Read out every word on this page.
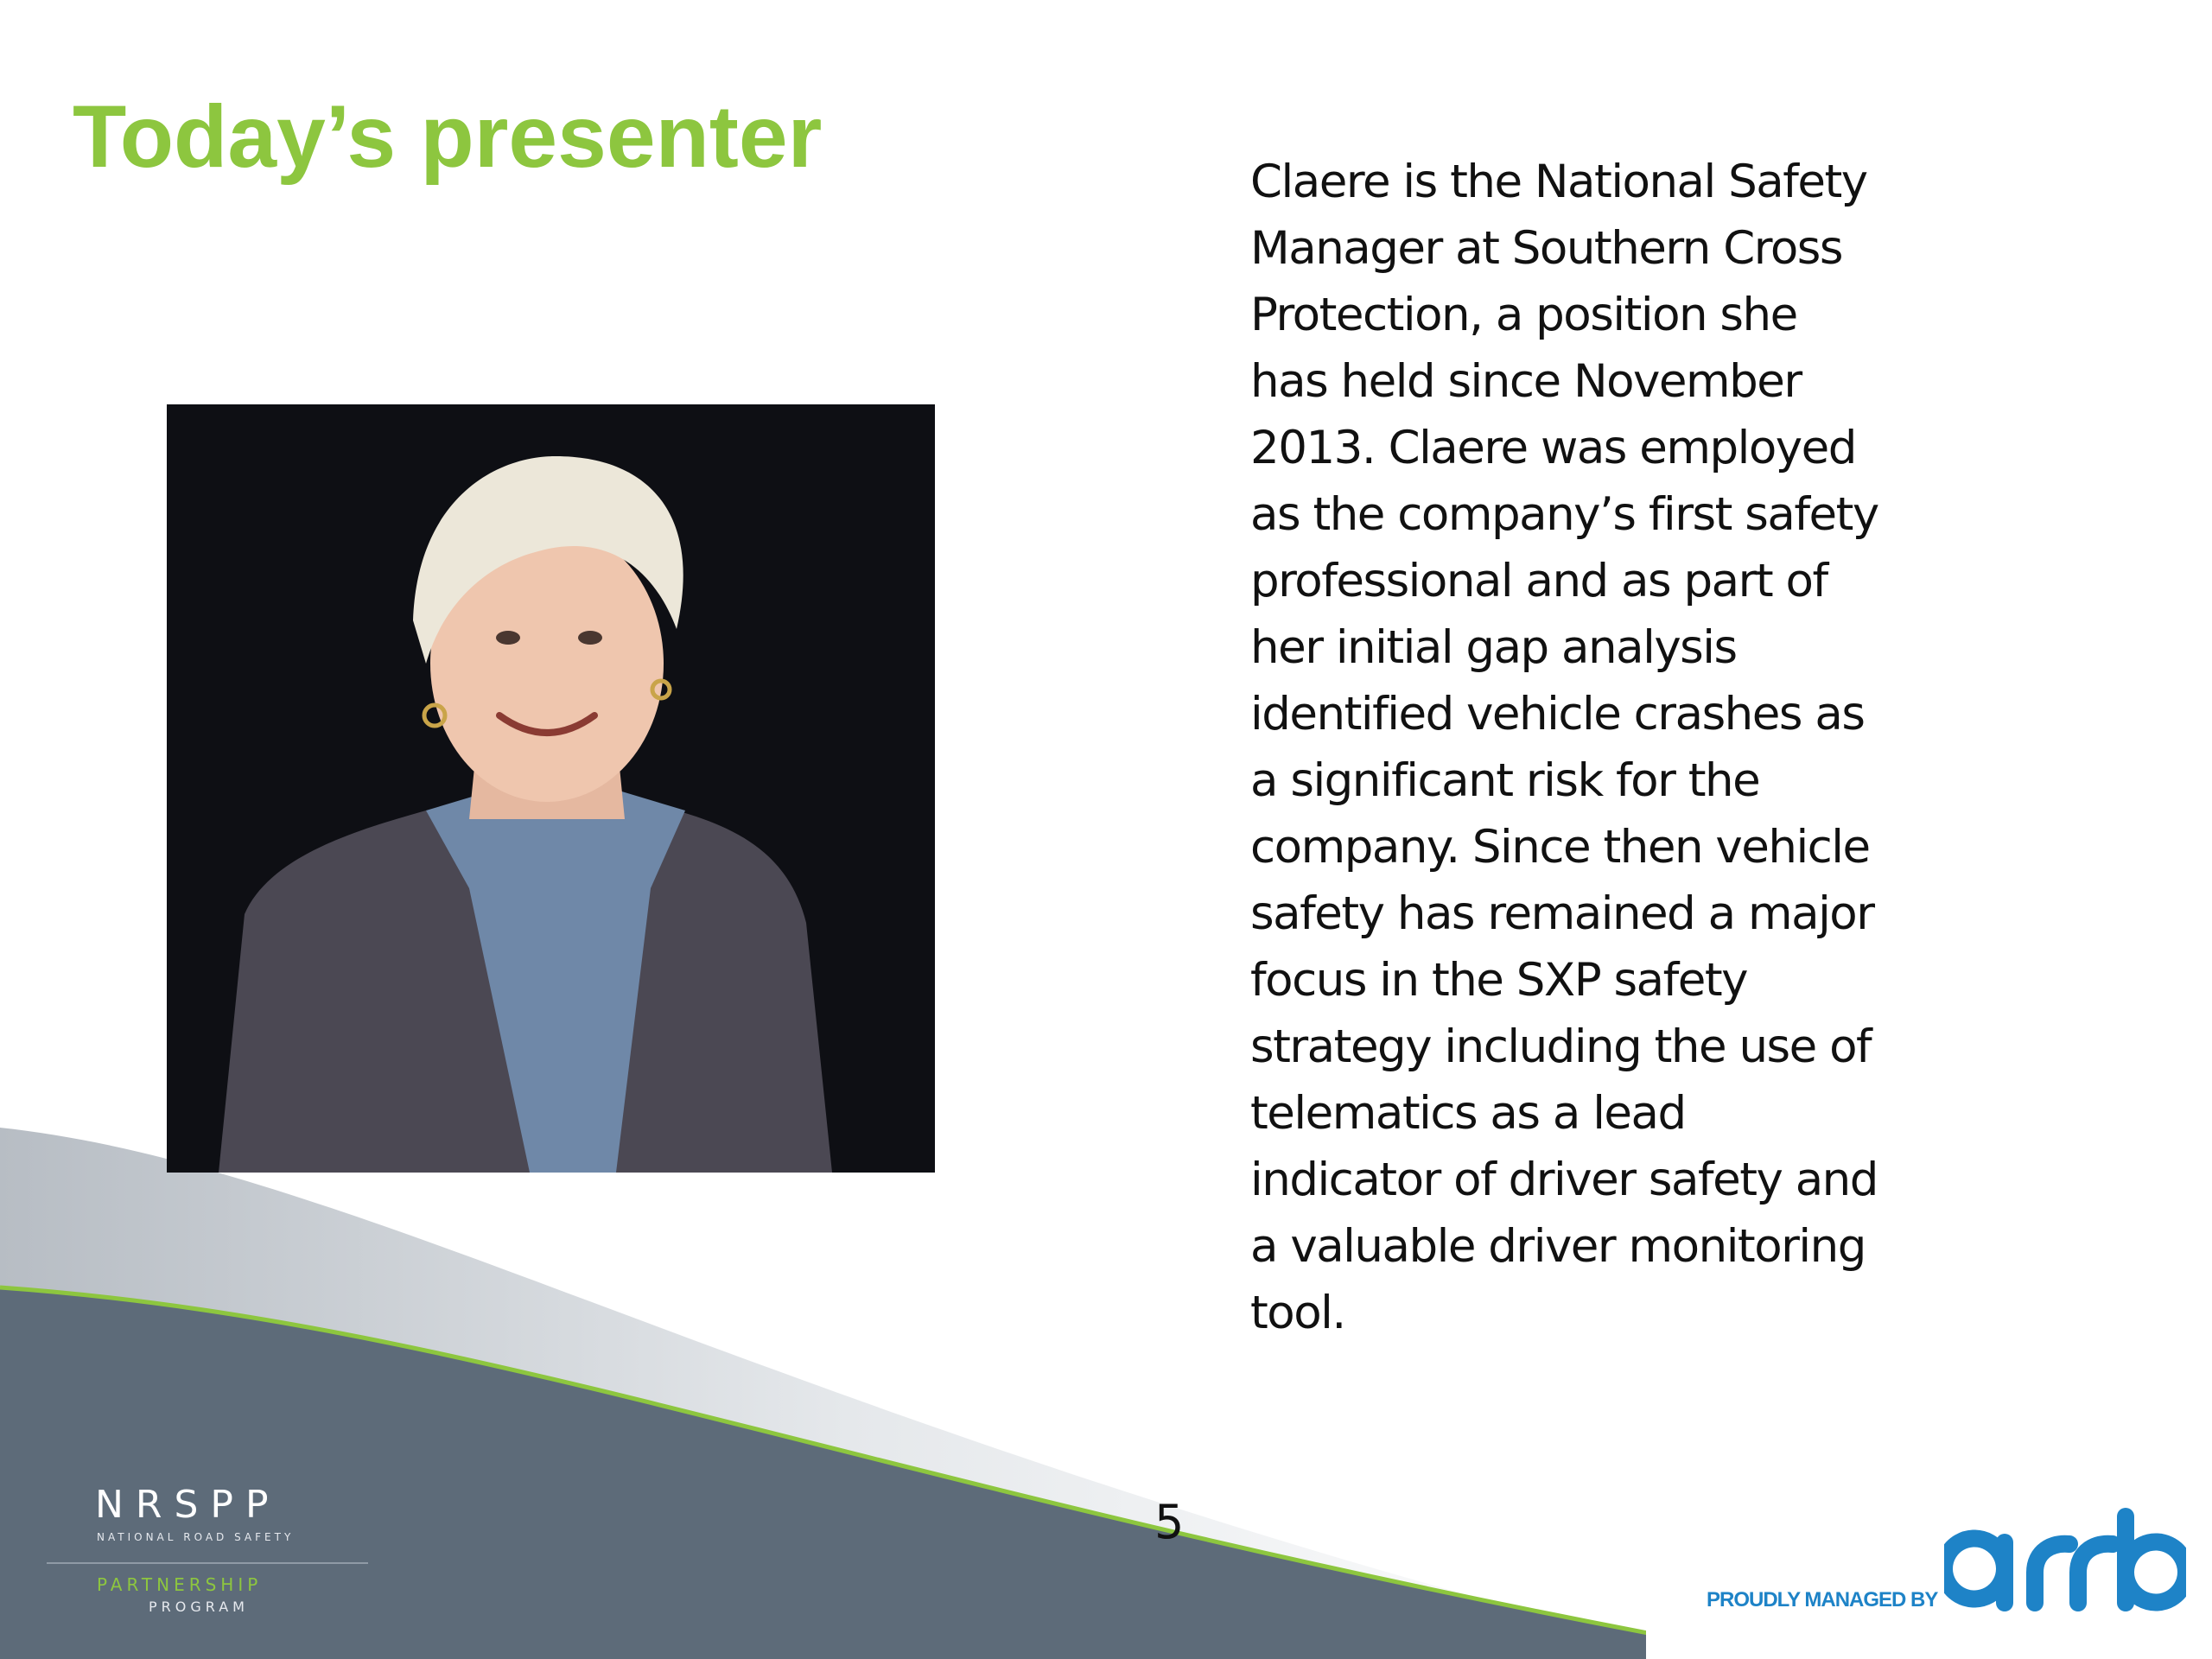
Today’s presenter	Claere is the National Safety
Manager at Southern Cross
Protection, a position she
has held since November
2013. Claere was employed
as the company’s first safety
professional and as part of
her initial gap analysis
identified vehicle crashes as
a significant risk for the
company. Since then vehicle
safety has remained a major
focus in the SXP safety
strategy including the use of
telematics as a lead
indicator of driver safety and
a valuable driver monitoring
tool.
5
NRSPP
NATIONAL ROAD SAFETY
PARTNERSHIP
PROGRAM	PROUDLY MANAGED BY
